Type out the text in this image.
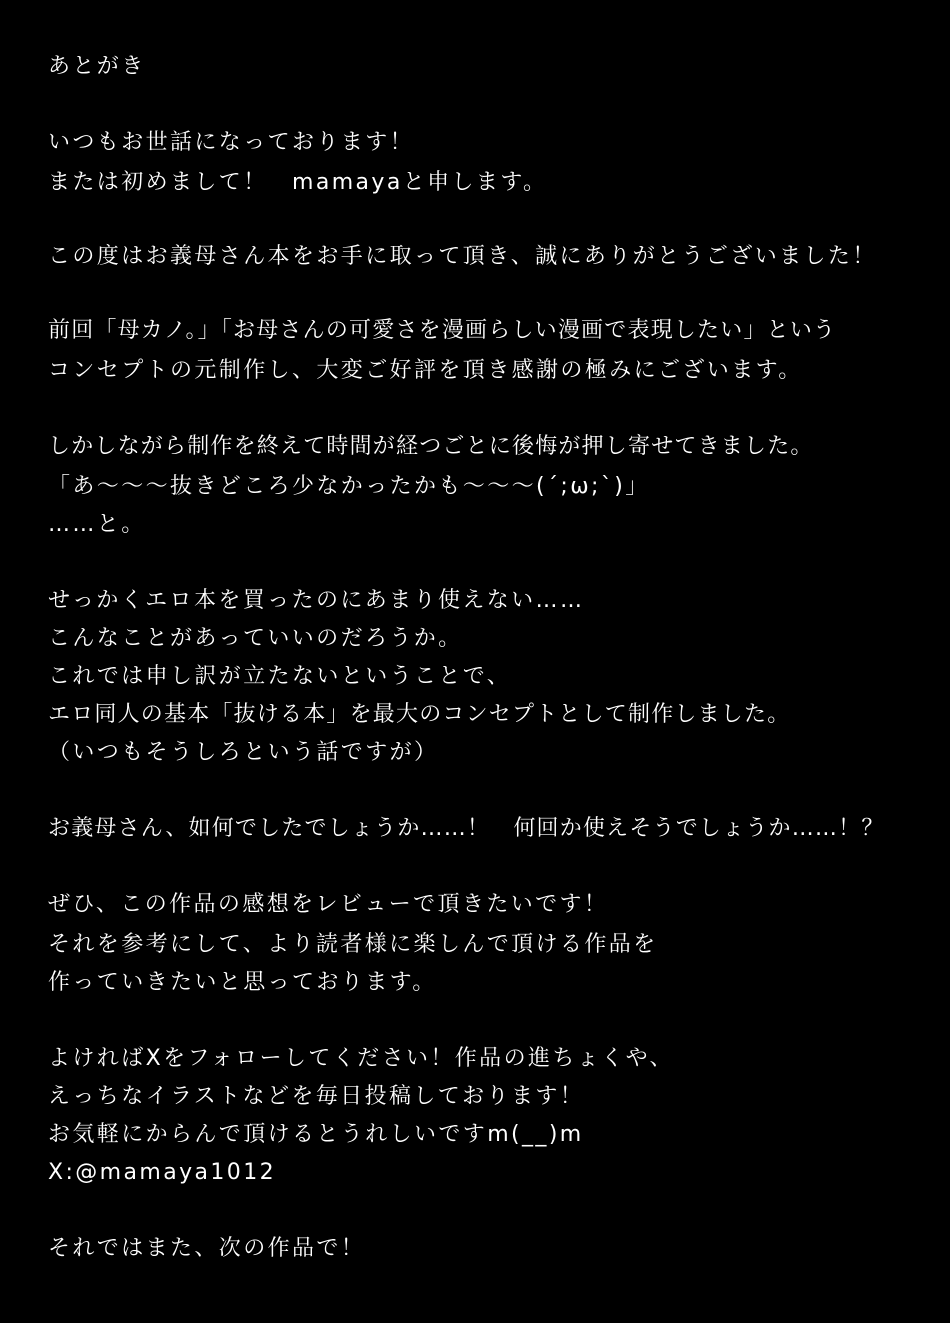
あとがき
いつもお世話になっております！
または初めまして！　mamayaと申します。
この度はお義母さん本をお手に取って頂き、誠にありがとうございました！
前回「母カノ。」「お母さんの可愛さを漫画らしい漫画で表現したい」という
コンセプトの元制作し、大変ご好評を頂き感謝の極みにございます。
しかしながら制作を終えて時間が経つごとに後悔が押し寄せてきました。
「あ～～～抜きどころ少なかったかも～～～(´;ω;`)」
……と。
せっかくエロ本を買ったのにあまり使えない……
こんなことがあっていいのだろうか。
これでは申し訳が立たないということで、
エロ同人の基本「抜ける本」を最大のコンセプトとして制作しました。
（いつもそうしろという話ですが）
お義母さん、如何でしたでしょうか……！　何回か使えそうでしょうか……！？
ぜひ、この作品の感想をレビューで頂きたいです！
それを参考にして、より読者様に楽しんで頂ける作品を
作っていきたいと思っております。
よければXをフォローしてください！作品の進ちょくや、
えっちなイラストなどを毎日投稿しております！
お気軽にからんで頂けるとうれしいですm(__)m
X:@mamaya1012
それではまた、次の作品で！
